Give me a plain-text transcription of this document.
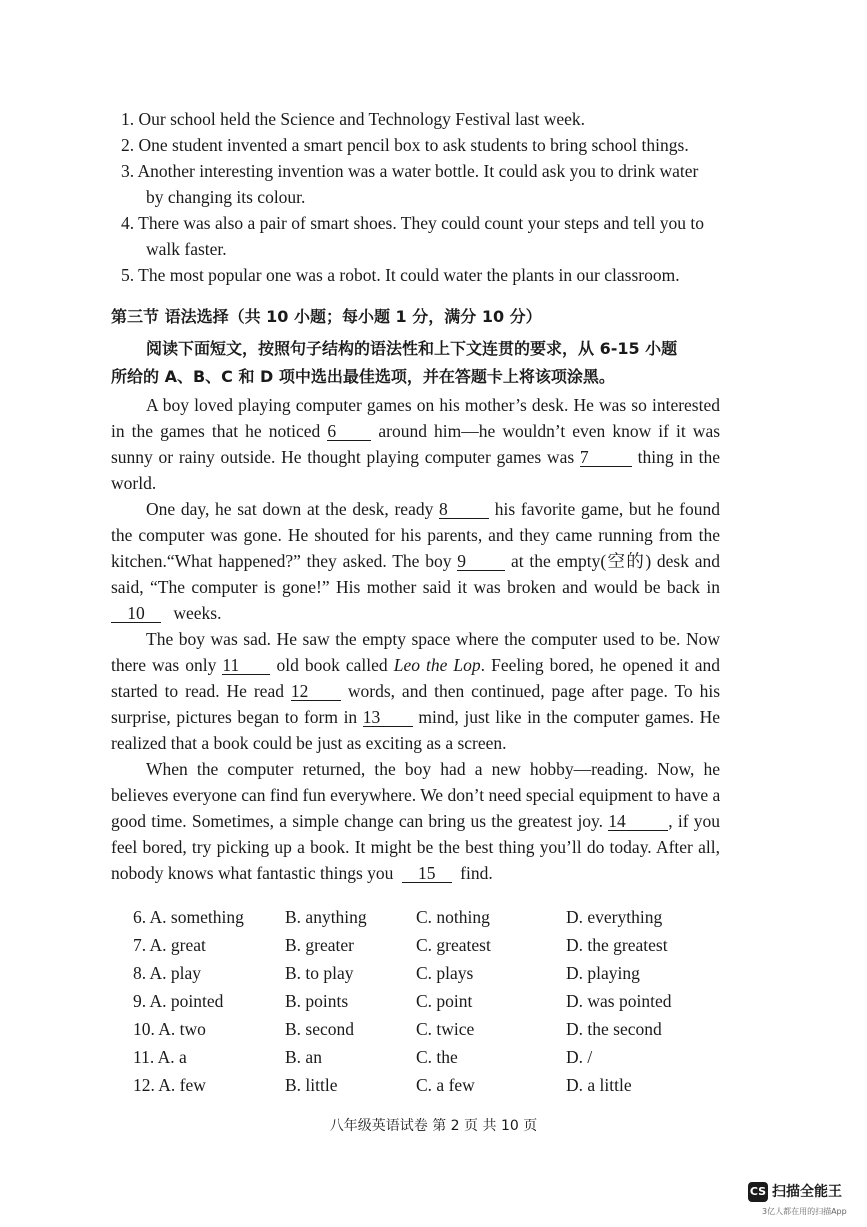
1. Our school held the Science and Technology Festival last week.
2. One student invented a smart pencil box to ask students to bring school things.
3. Another interesting invention was a water bottle. It could ask you to drink water
by changing its colour.
4. There was also a pair of smart shoes. They could count your steps and tell you to
walk faster.
5. The most popular one was a robot. It could water the plants in our classroom.
第三节 语法选择（共 10 小题；每小题 1 分，满分 10 分）
阅读下面短文，按照句子结构的语法性和上下文连贯的要求，从 6-15 小题
所给的 A、B、C 和 D 项中选出最佳选项，并在答题卡上将该项涂黑。
A boy loved playing computer games on his mother’s desk. He was so interested
in the games that he noticed 6 around him—he wouldn’t even know if it was
sunny or rainy outside. He thought playing computer games was 7	thing in the
world.
One day, he sat down at the desk, ready 8	his favorite game, but he found
the computer was gone. He shouted for his parents, and they came running from the
kitchen.“What happened?” they asked. The boy 9	at the empty(空的) desk and
said, “The computer is gone!” His mother said it was broken and would be back in
10 weeks.
The boy was sad. He saw the empty space where the computer used to be. Now
there was only 11 old book called Leo the Lop. Feeling bored, he opened it and
started to read. He read 12 words, and then continued, page after page. To his
surprise, pictures began to form in 13 mind, just like in the computer games. He
realized that a book could be just as exciting as a screen.
When the computer returned, the boy had a new hobby—reading. Now, he
believes everyone can find fun everywhere. We don’t need special equipment to have a
good time. Sometimes, a simple change can bring us the greatest joy. 14 , if you
feel bored, try picking up a book. It might be the best thing you’ll do today. After all,
nobody knows what fantastic things you 15 find.
6. A. something B. anything	C. nothing	D. everything
7. A. great	B. greater	C. greatest	D. the greatest
8. A. play	B. to play	C. plays	D. playing
9. A. pointed	B. points	C. point	D. was pointed
10. A. two	B. second	C. twice	D. the second
11. A. a	B. an	C. the	D. /
12. A. few	B. little	C. a few	D. a little
八年级英语试卷 第 2 页 共 10 页
CS 扫描全能王
3亿人都在用的扫描App
